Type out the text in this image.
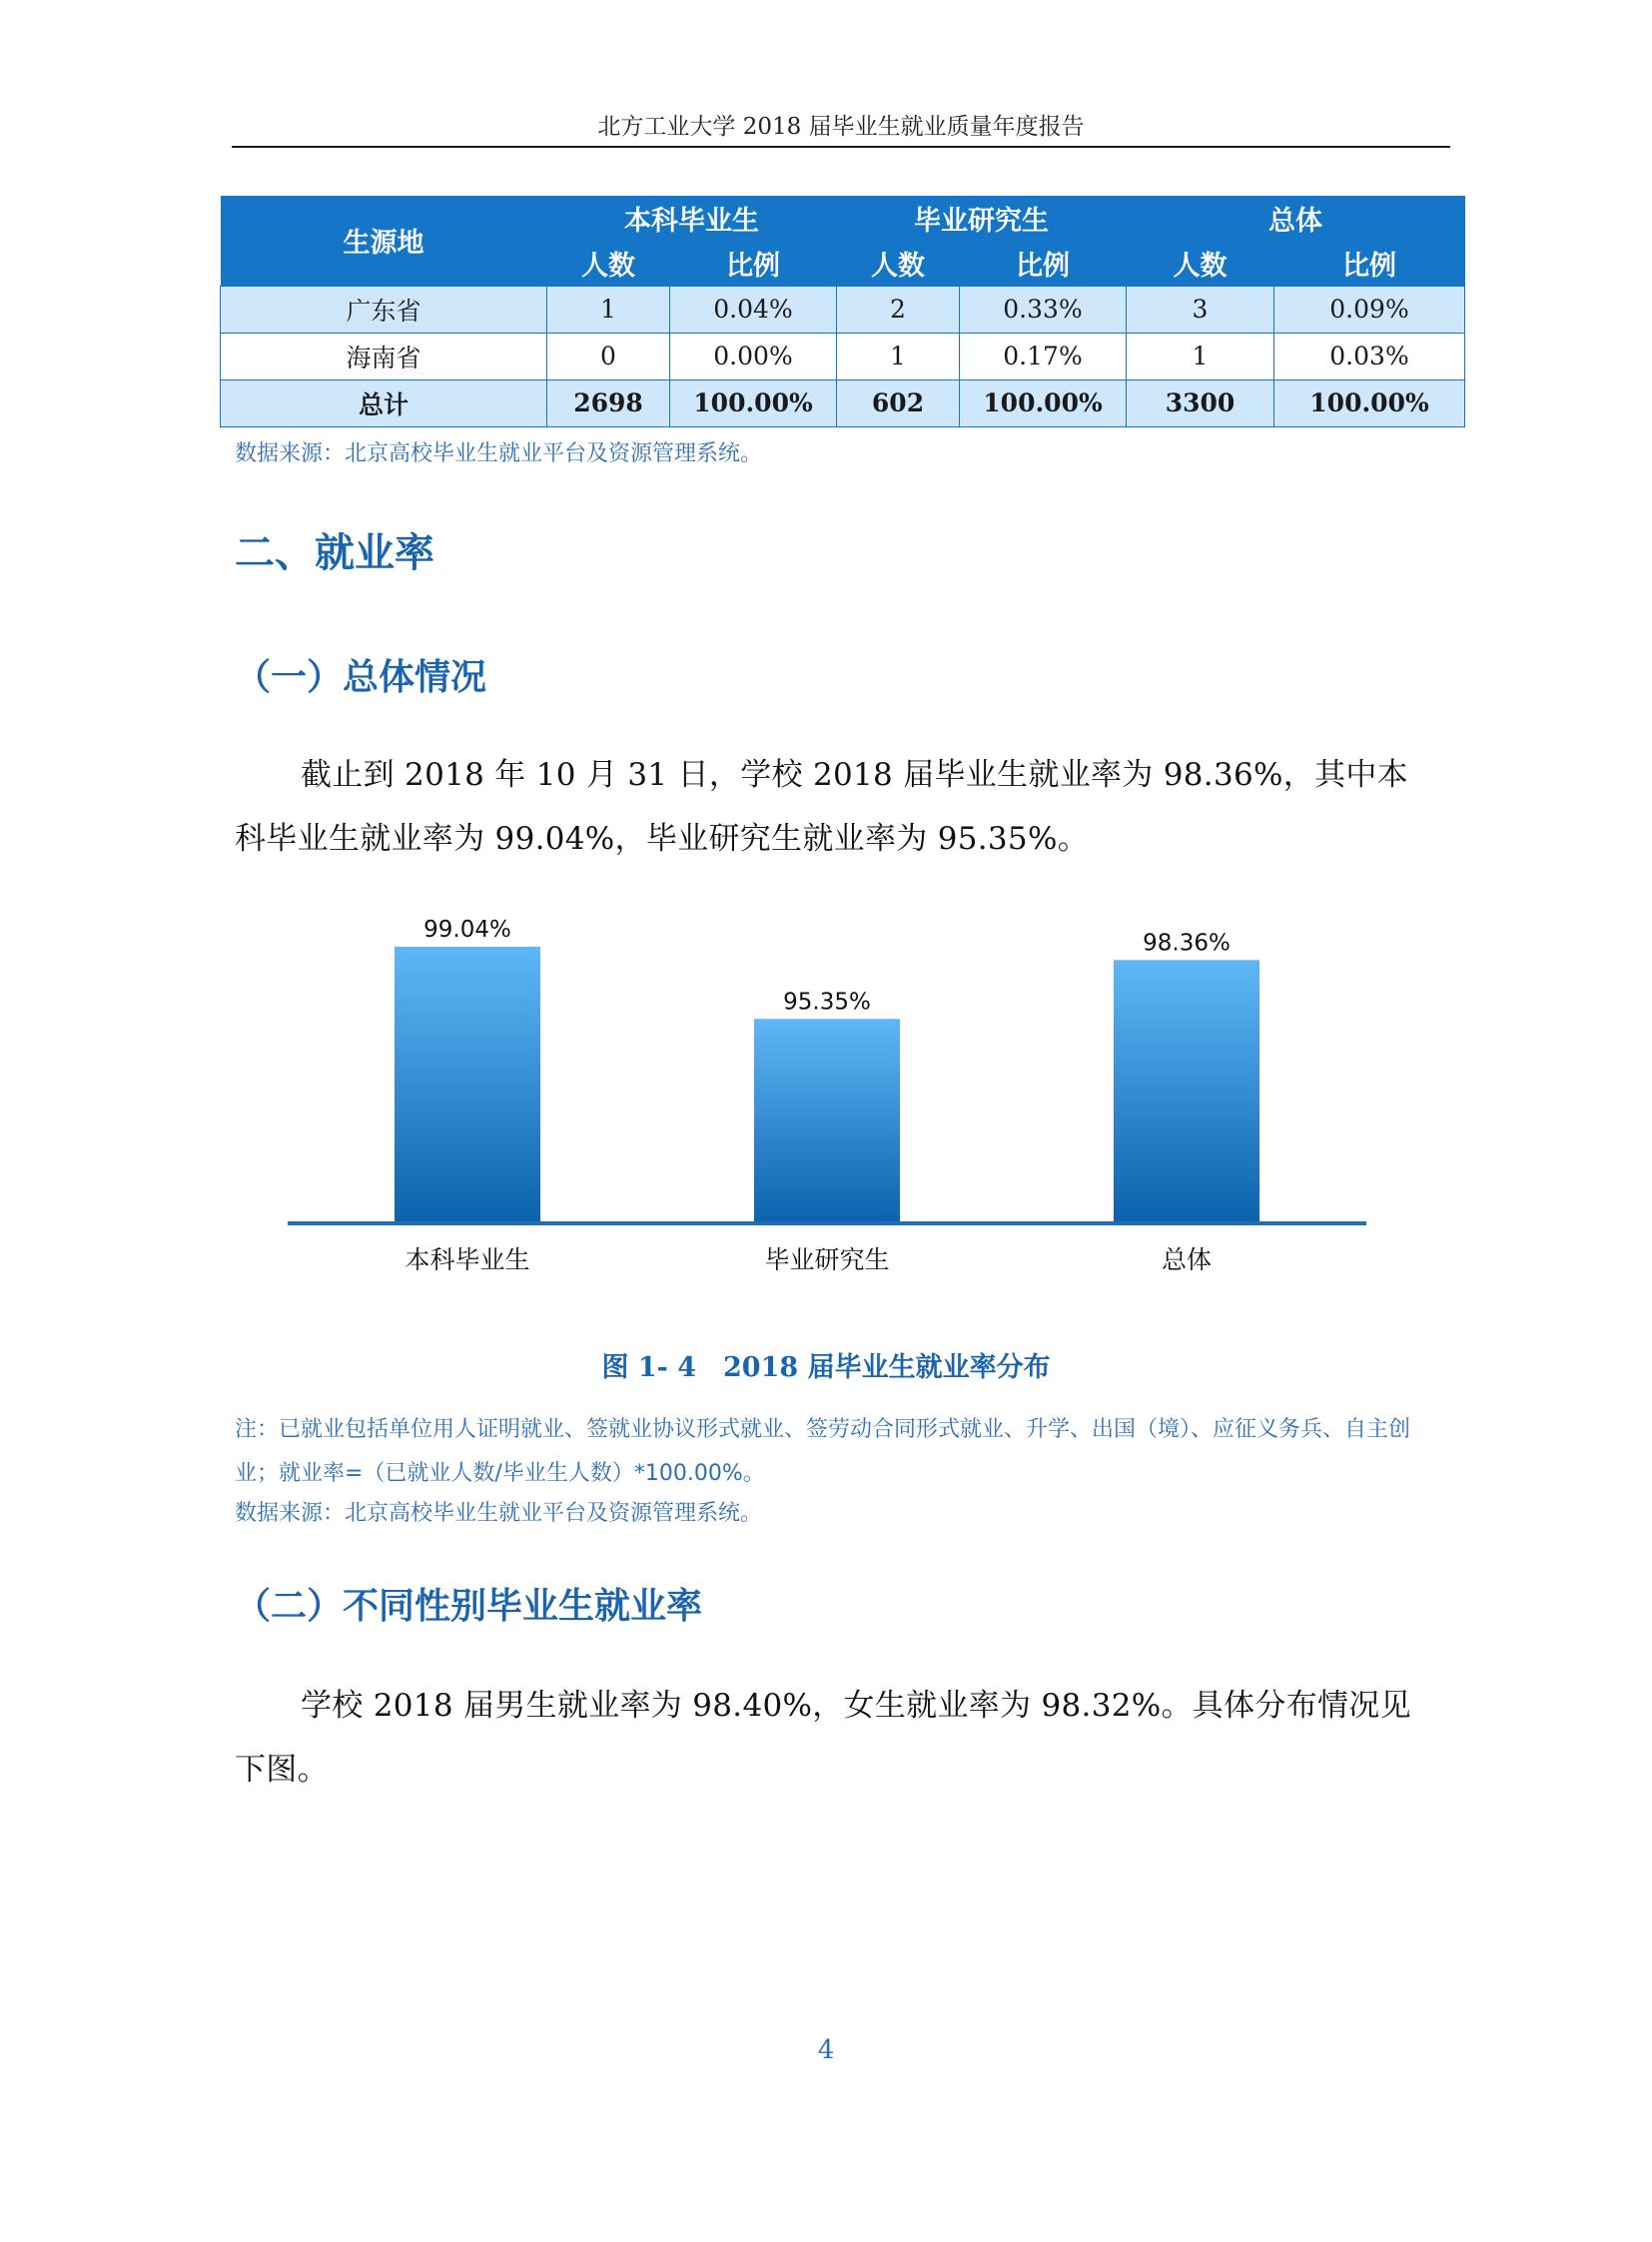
北方工业大学 2018 届毕业生就业质量年度报告
生源地	本科毕业生		毕业研究生		总体	
	人数	比例	人数	比例	人数	比例
广东省	1	0.04%	2	0.33%	3	0.09%
海南省	0	0.00%	1	0.17%	1	0.03%
总计	2698	100.00%	602	100.00%	3300	100.00%
数据来源：北京高校毕业生就业平台及资源管理系统。
二、就业率
（一）总体情况
截止到 2018 年 10 月 31 日，学校 2018 届毕业生就业率为 98.36%，其中本科毕业生就业率为 99.04%，毕业研究生就业率为 95.35%。
99.04%
本科毕业生
95.35%
毕业研究生
98.36%
总体
图 1- 4　2018 届毕业生就业率分布
注：已就业包括单位用人证明就业、签就业协议形式就业、签劳动合同形式就业、升学、出国（境）、应征义务兵、自主创业；就业率=（已就业人数/毕业生人数）*100.00%。
数据来源：北京高校毕业生就业平台及资源管理系统。
（二）不同性别毕业生就业率
学校 2018 届男生就业率为 98.40%，女生就业率为 98.32%。具体分布情况见下图。
4
